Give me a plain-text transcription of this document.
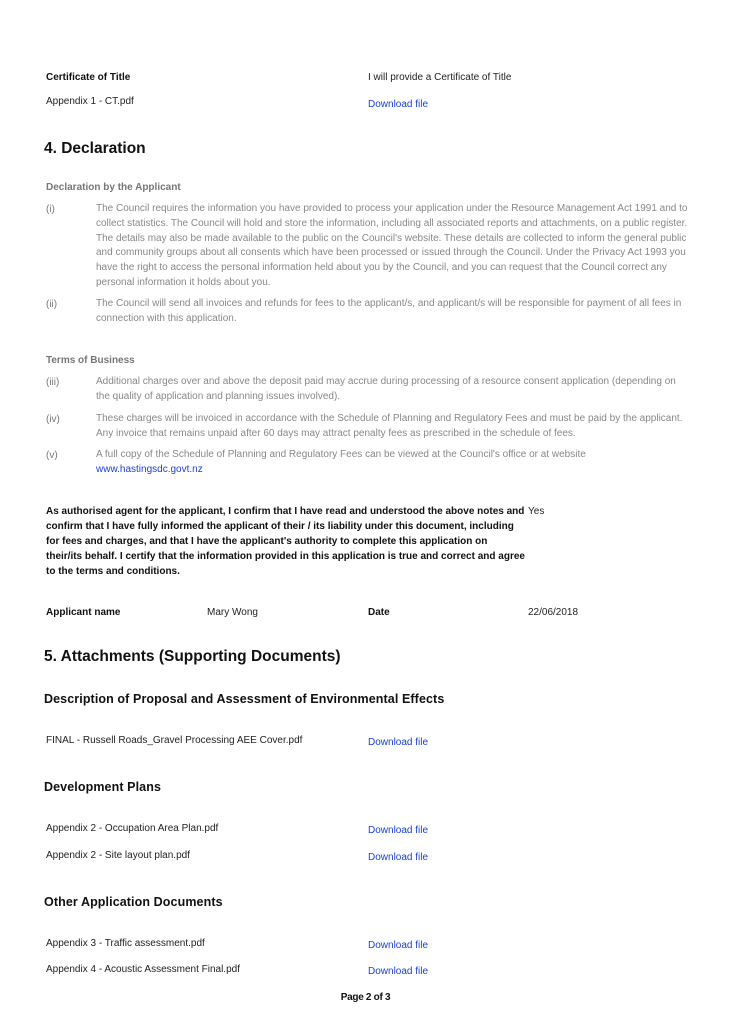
Certificate of Title	I will provide a Certificate of Title
Appendix 1 - CT.pdf	Download file
4. Declaration
Declaration by the Applicant
(i)	The Council requires the information you have provided to process your application under the Resource Management Act 1991 and to collect statistics. The Council will hold and store the information, including all associated reports and attachments, on a public register. The details may also be made available to the public on the Council's website. These details are collected to inform the general public and community groups about all consents which have been processed or issued through the Council. Under the Privacy Act 1993 you have the right to access the personal information held about you by the Council, and you can request that the Council correct any personal information it holds about you.
(ii)	The Council will send all invoices and refunds for fees to the applicant/s, and applicant/s will be responsible for payment of all fees in connection with this application.
Terms of Business
(iii)	Additional charges over and above the deposit paid may accrue during processing of a resource consent application (depending on the quality of application and planning issues involved).
(iv)	These charges will be invoiced in accordance with the Schedule of Planning and Regulatory Fees and must be paid by the applicant. Any invoice that remains unpaid after 60 days may attract penalty fees as prescribed in the schedule of fees.
(v)	A full copy of the Schedule of Planning and Regulatory Fees can be viewed at the Council's office or at website
www.hastingsdc.govt.nz
As authorised agent for the applicant, I confirm that I have read and understood the above notes and confirm that I have fully informed the applicant of their / its liability under this document, including for fees and charges, and that I have the applicant's authority to complete this application on their/its behalf. I certify that the information provided in this application is true and correct and agree to the terms and conditions.
Yes
Applicant name	Mary Wong	Date	22/06/2018
5. Attachments (Supporting Documents)
Description of Proposal and Assessment of Environmental Effects
FINAL - Russell Roads_Gravel Processing AEE Cover.pdf	Download file
Development Plans
Appendix 2 - Occupation Area Plan.pdf	Download file
Appendix 2 - Site layout plan.pdf	Download file
Other Application Documents
Appendix 3 - Traffic assessment.pdf	Download file
Appendix 4 - Acoustic Assessment Final.pdf	Download file
Page 2 of 3
